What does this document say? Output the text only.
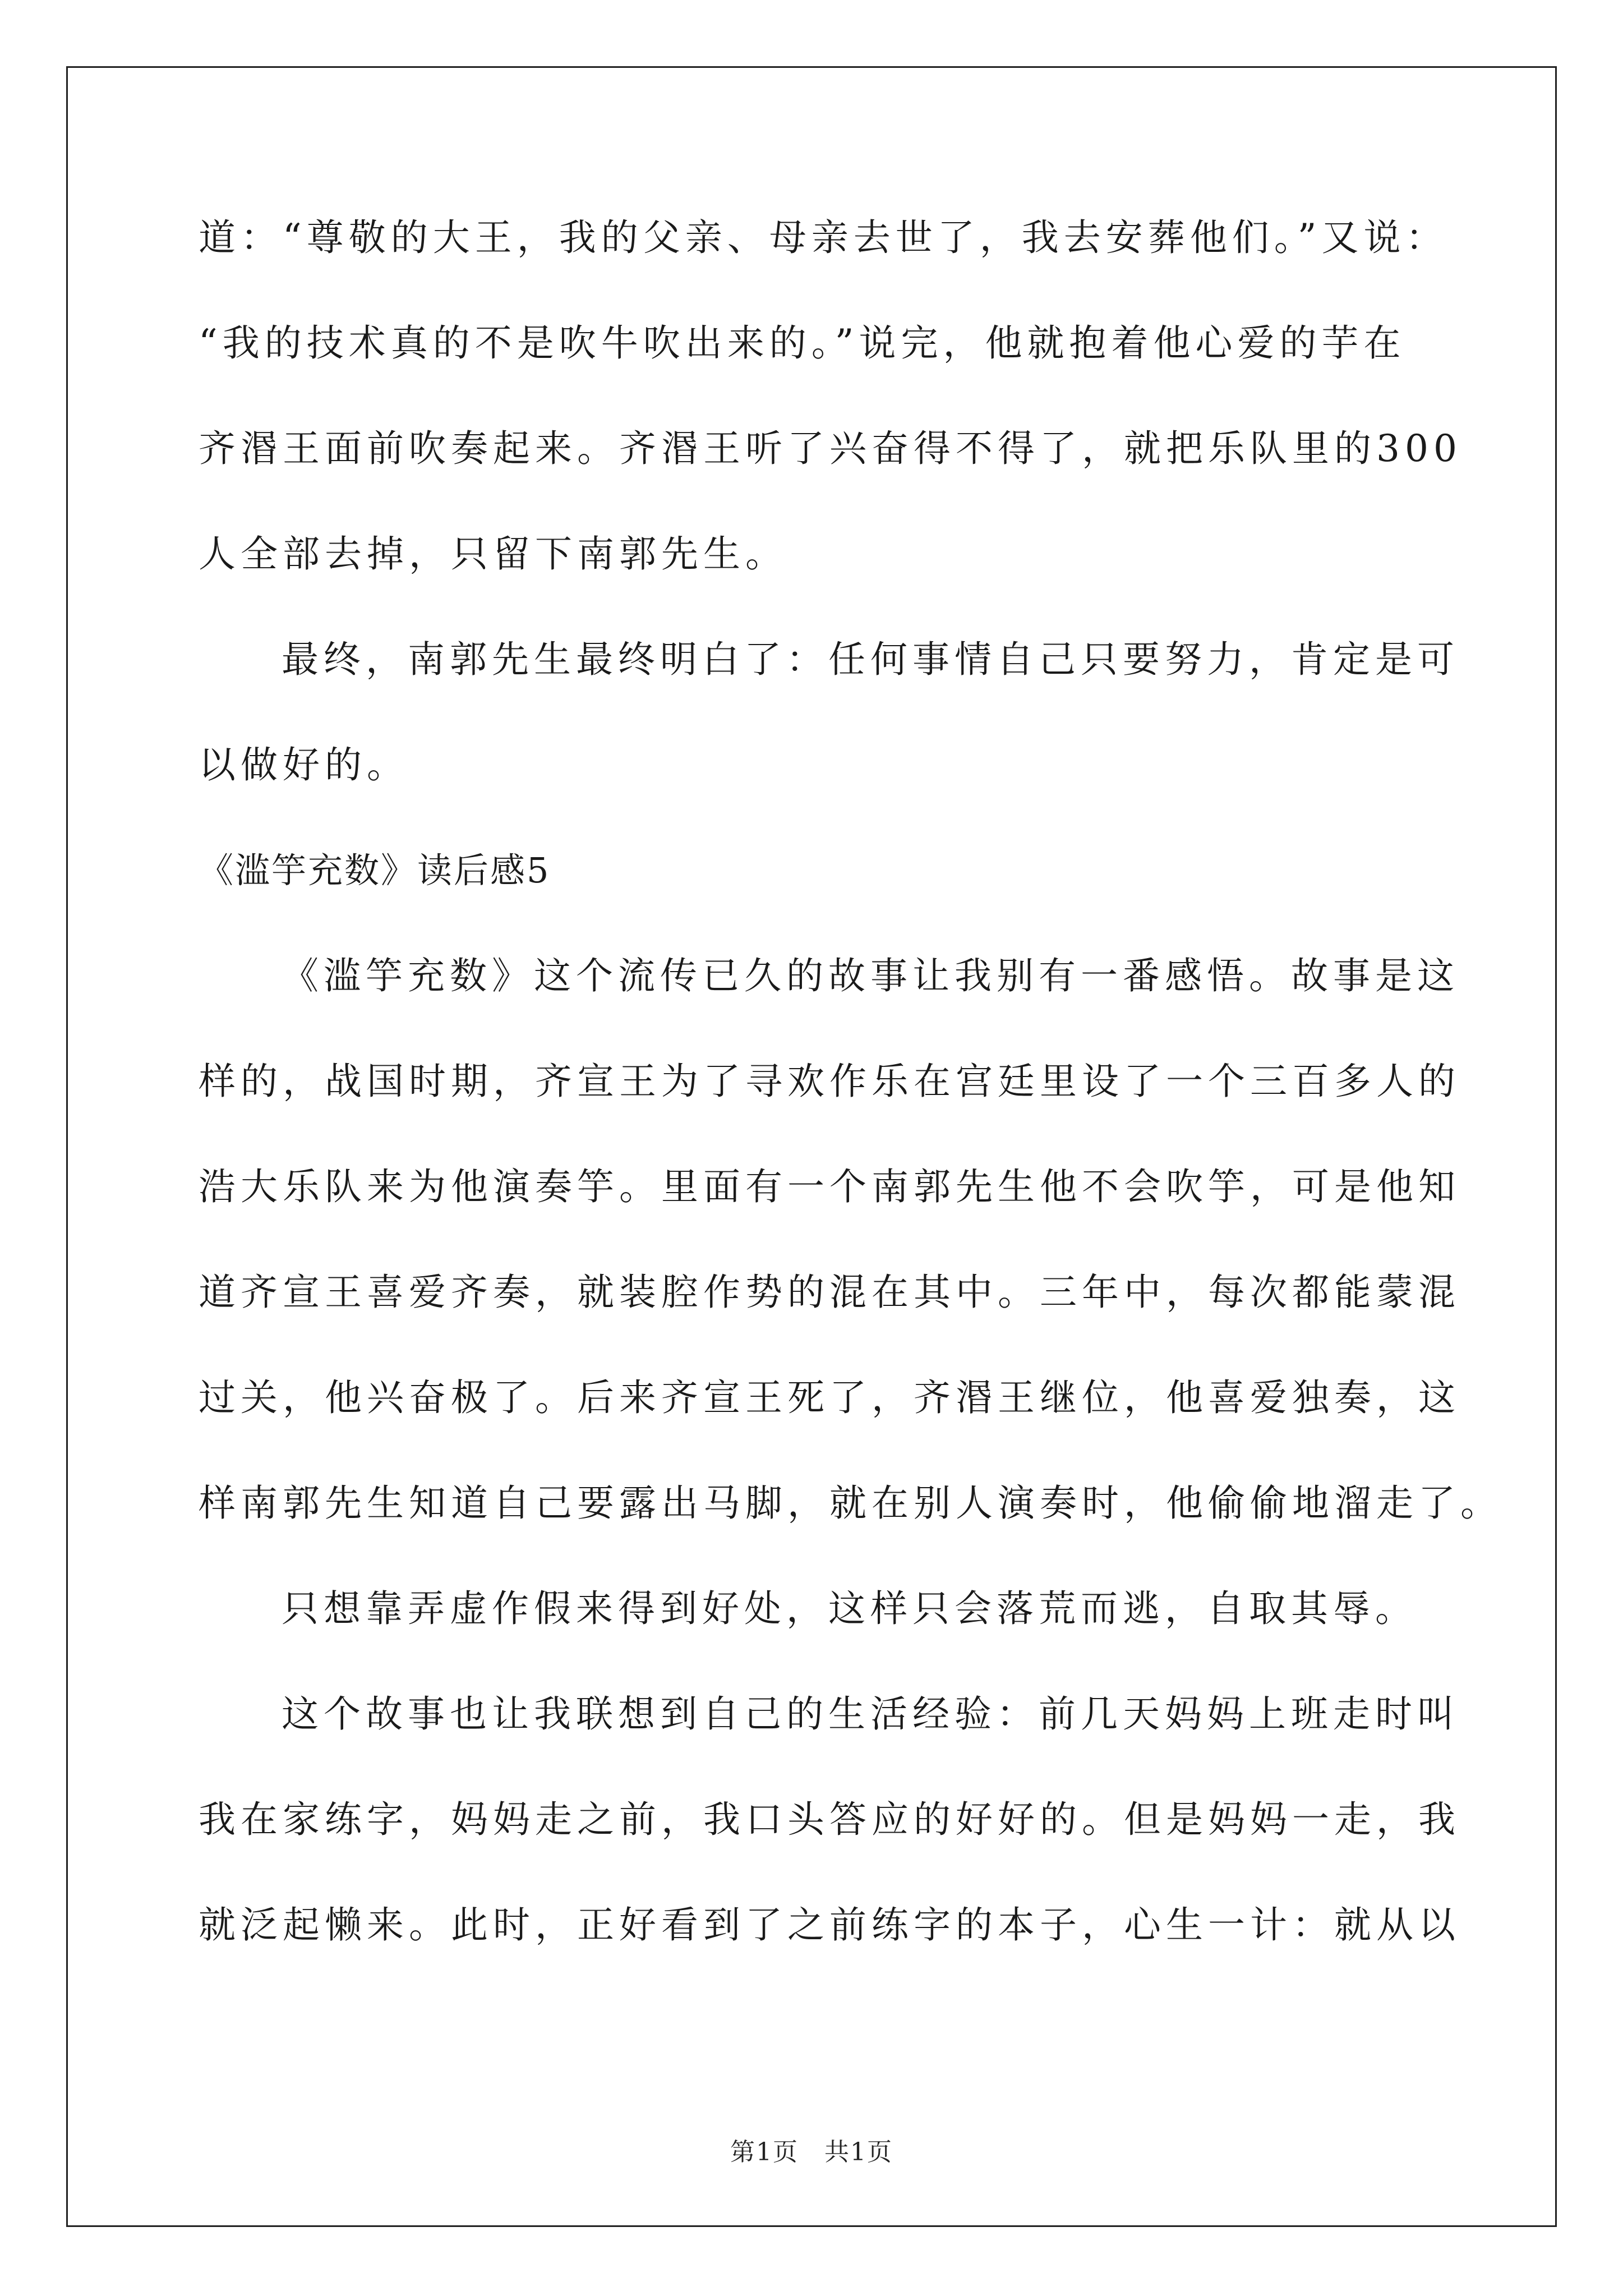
道：“尊敬的大王，我的父亲、母亲去世了，我去安葬他们。”又说：
“我的技术真的不是吹牛吹出来的。”说完，他就抱着他心爱的芋在
齐湣王面前吹奏起来。齐湣王听了兴奋得不得了，就把乐队里的300
人全部去掉，只留下南郭先生。
最终，南郭先生最终明白了：任何事情自己只要努力，肯定是可
以做好的。
《滥竽充数》读后感5
《滥竽充数》这个流传已久的故事让我别有一番感悟。故事是这
样的，战国时期，齐宣王为了寻欢作乐在宫廷里设了一个三百多人的
浩大乐队来为他演奏竽。里面有一个南郭先生他不会吹竽，可是他知
道齐宣王喜爱齐奏，就装腔作势的混在其中。三年中，每次都能蒙混
过关，他兴奋极了。后来齐宣王死了，齐湣王继位，他喜爱独奏，这
样南郭先生知道自己要露出马脚，就在别人演奏时，他偷偷地溜走了。
只想靠弄虚作假来得到好处，这样只会落荒而逃，自取其辱。
这个故事也让我联想到自己的生活经验：前几天妈妈上班走时叫
我在家练字，妈妈走之前，我口头答应的好好的。但是妈妈一走，我
就泛起懒来。此时，正好看到了之前练字的本子，心生一计：就从以
第1页　共1页
